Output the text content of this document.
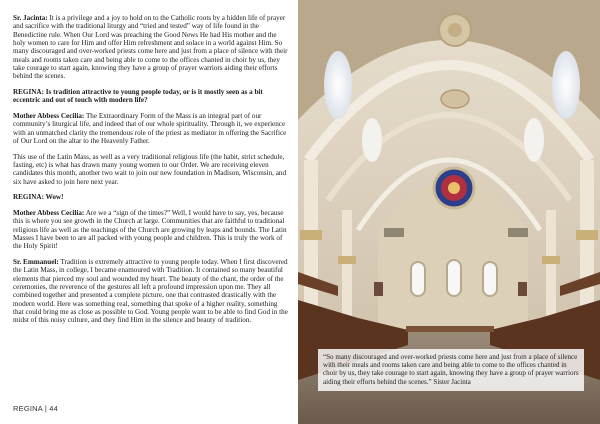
Sr. Jacinta: It is a privilege and a joy to hold on to the Catholic roots by a hidden life of prayer and sacrifice with the traditional liturgy and “tried and tested” way of life found in the Benedictine rule. When Our Lord was preaching the Good News He had His mother and the holy women to care for Him and offer Him refreshment and solace in a world against Him. So many discouraged and over-worked priests come here and just from a place of silence with their meals and rooms taken care and being able to come to the offices chanted in choir by us, they take courage to start again, knowing they have a group of prayer warriors aiding their efforts behind the scenes.

REGINA: Is tradition attractive to young people today, or is it mostly seen as a bit eccentric and out of touch with modern life?

Mother Abbess Cecilia: The Extraordinary Form of the Mass is an integral part of our community’s liturgical life, and indeed that of our whole spirituality. Through it, we experience with an unmatched clarity the tremendous role of the priest as mediator in offering the Sacrifice of Our Lord on the altar to the Heavenly Father.

This use of the Latin Mass, as well as a very traditional religious life (the habit, strict schedule, fasting, etc) is what has drawn many young women to our Order. We are receiving eleven candidates this month, another two wait to join our new foundation in Madison, Wisconsin, and six have asked to join here next year.

REGINA: Wow!

Mother Abbess Cecilia: Are we a “sign of the times?” Well, I would have to say, yes, because this is where you see growth in the Church at large. Communities that are faithful to traditional religious life as well as the teachings of the Church are growing by leaps and bounds. The Latin Masses I have been to are all packed with young people and children. This is truly the work of the Holy Spirit!

Sr. Emmanuel: Tradition is extremely attractive to young people today. When I first discovered the Latin Mass, in college, I became enamoured with Tradition. It contained so many beautiful elements that pierced my soul and wounded my heart. The beauty of the chant, the order of the ceremonies, the reverence of the gestures all left a profound impression upon me. They all combined together and presented a complete picture, one that contrasted drastically with the modern world. Here was something real, something that spoke of a higher reality, something that could bring me as close as possible to God. Young people want to be able to find God in the midst of this noisy culture, and they find Him in the silence and beauty of tradition.

REGINA | 44
“So many discouraged and over-worked priests come here and just from a place of silence with their meals and rooms taken care and being able to come to the offices chanted in choir by us, they take courage to start again, knowing they have a group of prayer warriors aiding their efforts behind the scenes.” Sister Jacinta
